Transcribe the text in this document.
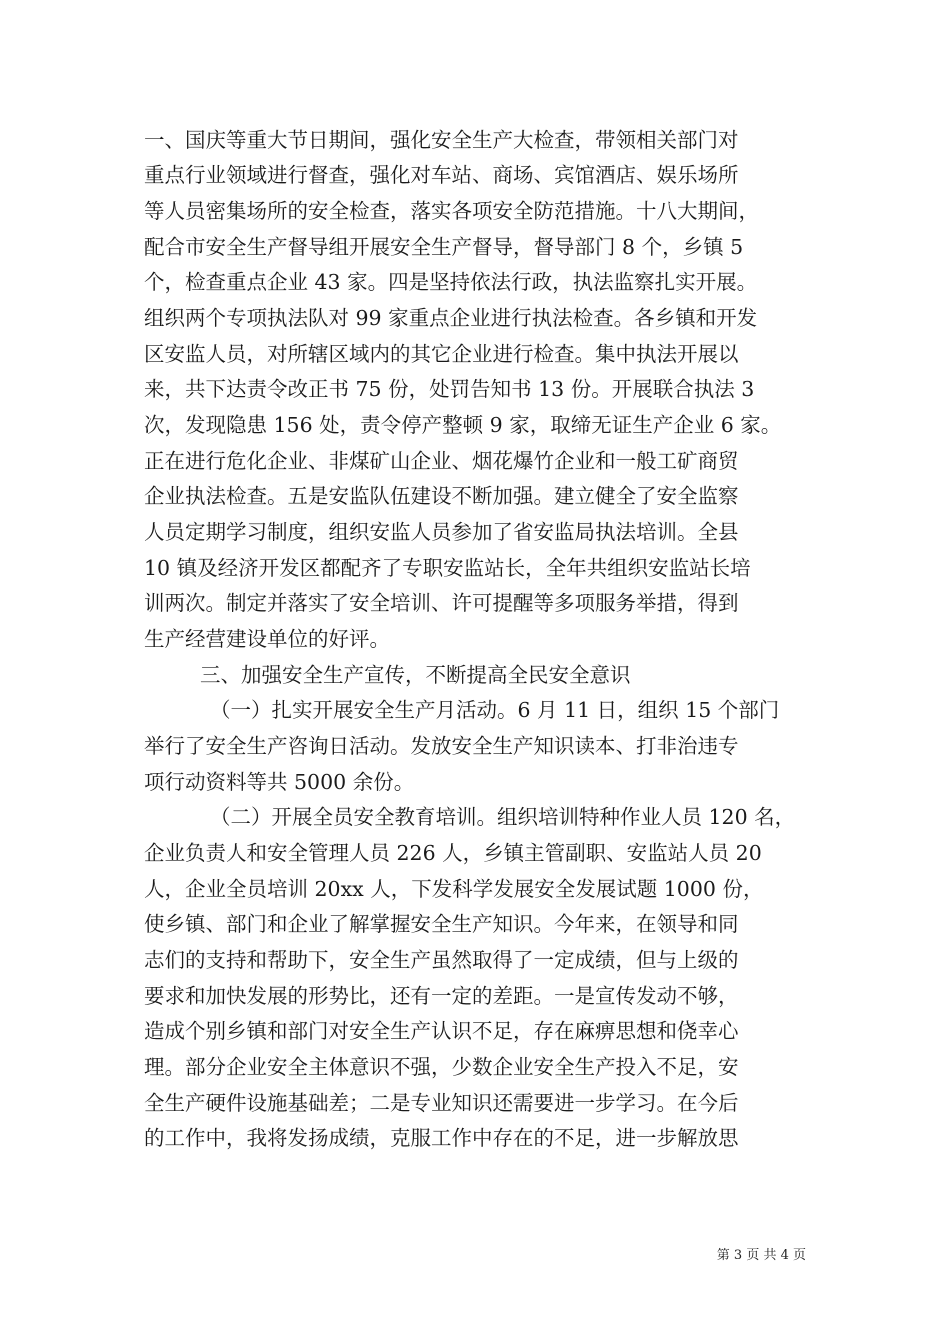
一、国庆等重大节日期间，强化安全生产大检查，带领相关部门对
重点行业领域进行督查，强化对车站、商场、宾馆酒店、娱乐场所
等人员密集场所的安全检查，落实各项安全防范措施。十八大期间，
配合市安全生产督导组开展安全生产督导，督导部门 8 个，乡镇 5
个，检查重点企业 43 家。四是坚持依法行政，执法监察扎实开展。
组织两个专项执法队对 99 家重点企业进行执法检查。各乡镇和开发
区安监人员，对所辖区域内的其它企业进行检查。集中执法开展以
来，共下达责令改正书 75 份，处罚告知书 13 份。开展联合执法 3
次，发现隐患 156 处，责令停产整顿 9 家，取缔无证生产企业 6 家。
正在进行危化企业、非煤矿山企业、烟花爆竹企业和一般工矿商贸
企业执法检查。五是安监队伍建设不断加强。建立健全了安全监察
人员定期学习制度，组织安监人员参加了省安监局执法培训。全县
10 镇及经济开发区都配齐了专职安监站长，全年共组织安监站长培
训两次。制定并落实了安全培训、许可提醒等多项服务举措，得到
生产经营建设单位的好评。
三、加强安全生产宣传，不断提高全民安全意识
（一）扎实开展安全生产月活动。6 月 11 日，组织 15 个部门
举行了安全生产咨询日活动。发放安全生产知识读本、打非治违专
项行动资料等共 5000 余份。
（二）开展全员安全教育培训。组织培训特种作业人员 120 名，
企业负责人和安全管理人员 226 人，乡镇主管副职、安监站人员 20
人，企业全员培训 20xx 人，下发科学发展安全发展试题 1000 份，
使乡镇、部门和企业了解掌握安全生产知识。今年来，在领导和同
志们的支持和帮助下，安全生产虽然取得了一定成绩，但与上级的
要求和加快发展的形势比，还有一定的差距。一是宣传发动不够，
造成个别乡镇和部门对安全生产认识不足，存在麻痹思想和侥幸心
理。部分企业安全主体意识不强，少数企业安全生产投入不足，安
全生产硬件设施基础差；二是专业知识还需要进一步学习。在今后
的工作中，我将发扬成绩，克服工作中存在的不足，进一步解放思
第 3 页 共 4 页
